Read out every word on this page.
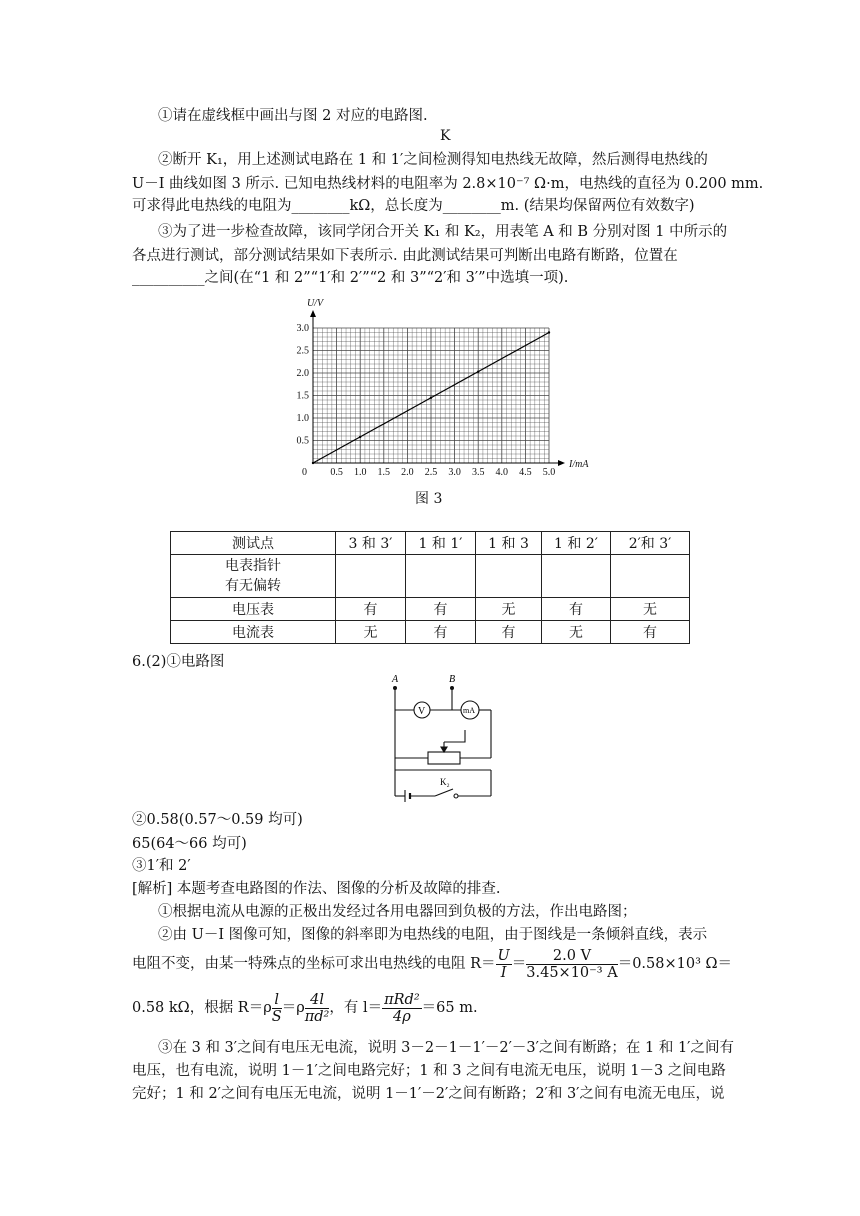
①请在虚线框中画出与图 2 对应的电路图.
K
②断开 K₁，用上述测试电路在 1 和 1′之间检测得知电热线无故障，然后测得电热线的
U－I 曲线如图 3 所示. 已知电热线材料的电阻率为 2.8×10⁻⁷ Ω·m，电热线的直径为 0.200 mm.
可求得此电热线的电阻为________kΩ，总长度为________m. (结果均保留两位有效数字)
③为了进一步检查故障，该同学闭合开关 K₁ 和 K₂，用表笔 A 和 B 分别对图 1 中所示的
各点进行测试，部分测试结果如下表所示. 由此测试结果可判断出电路有断路，位置在
__________之间(在“1 和 2”“1′和 2′”“2 和 3”“2′和 3′”中选填一项).
0.5 1.0 1.5 2.0 2.5 3.0 3.5 4.0 4.5 5.0
0.5
1.0
1.5
2.0
2.5
3.0
0
I/mA
U/V
图 3
测试点	3 和 3′	1 和 1′	1 和 3	1 和 2′	2′和 3′
电表指针
有无偏转					
电压表	有	有	无	有	无
电流表	无	有	有	无	有
6.(2)①电路图
A	B
V	mA
K₂
②0.58(0.57～0.59 均可)
65(64～66 均可)
③1′和 2′
[解析] 本题考查电路图的作法、图像的分析及故障的排查.
①根据电流从电源的正极出发经过各用电器回到负极的方法，作出电路图；
②由 U－I 图像可知，图像的斜率即为电热线的电阻，由于图线是一条倾斜直线，表示
电阻不变，由某一特殊点的坐标可求出电热线的电阻 $R= \frac{U}{I} = \frac{2.0 V}{\text{3.45×10⁻³ A}} =0.58\times 10^3$ Ω＝
0.58 kΩ，根据 $R=\rho \frac{l}{S} =\rho \frac{4l}{\text{πd²}}$ ，有 $l= \frac{\text{πRd²}}{4\rho} =65$ m.
③在 3 和 3′之间有电压无电流，说明 3－2－1－1′－2′－3′之间有断路；在 1 和 1′之间有
电压，也有电流，说明 1－1′之间电路完好；1 和 3 之间有电流无电压，说明 1－3 之间电路
完好；1 和 2′之间有电压无电流，说明 1－1′－2′之间有断路；2′和 3′之间有电流无电压，说
